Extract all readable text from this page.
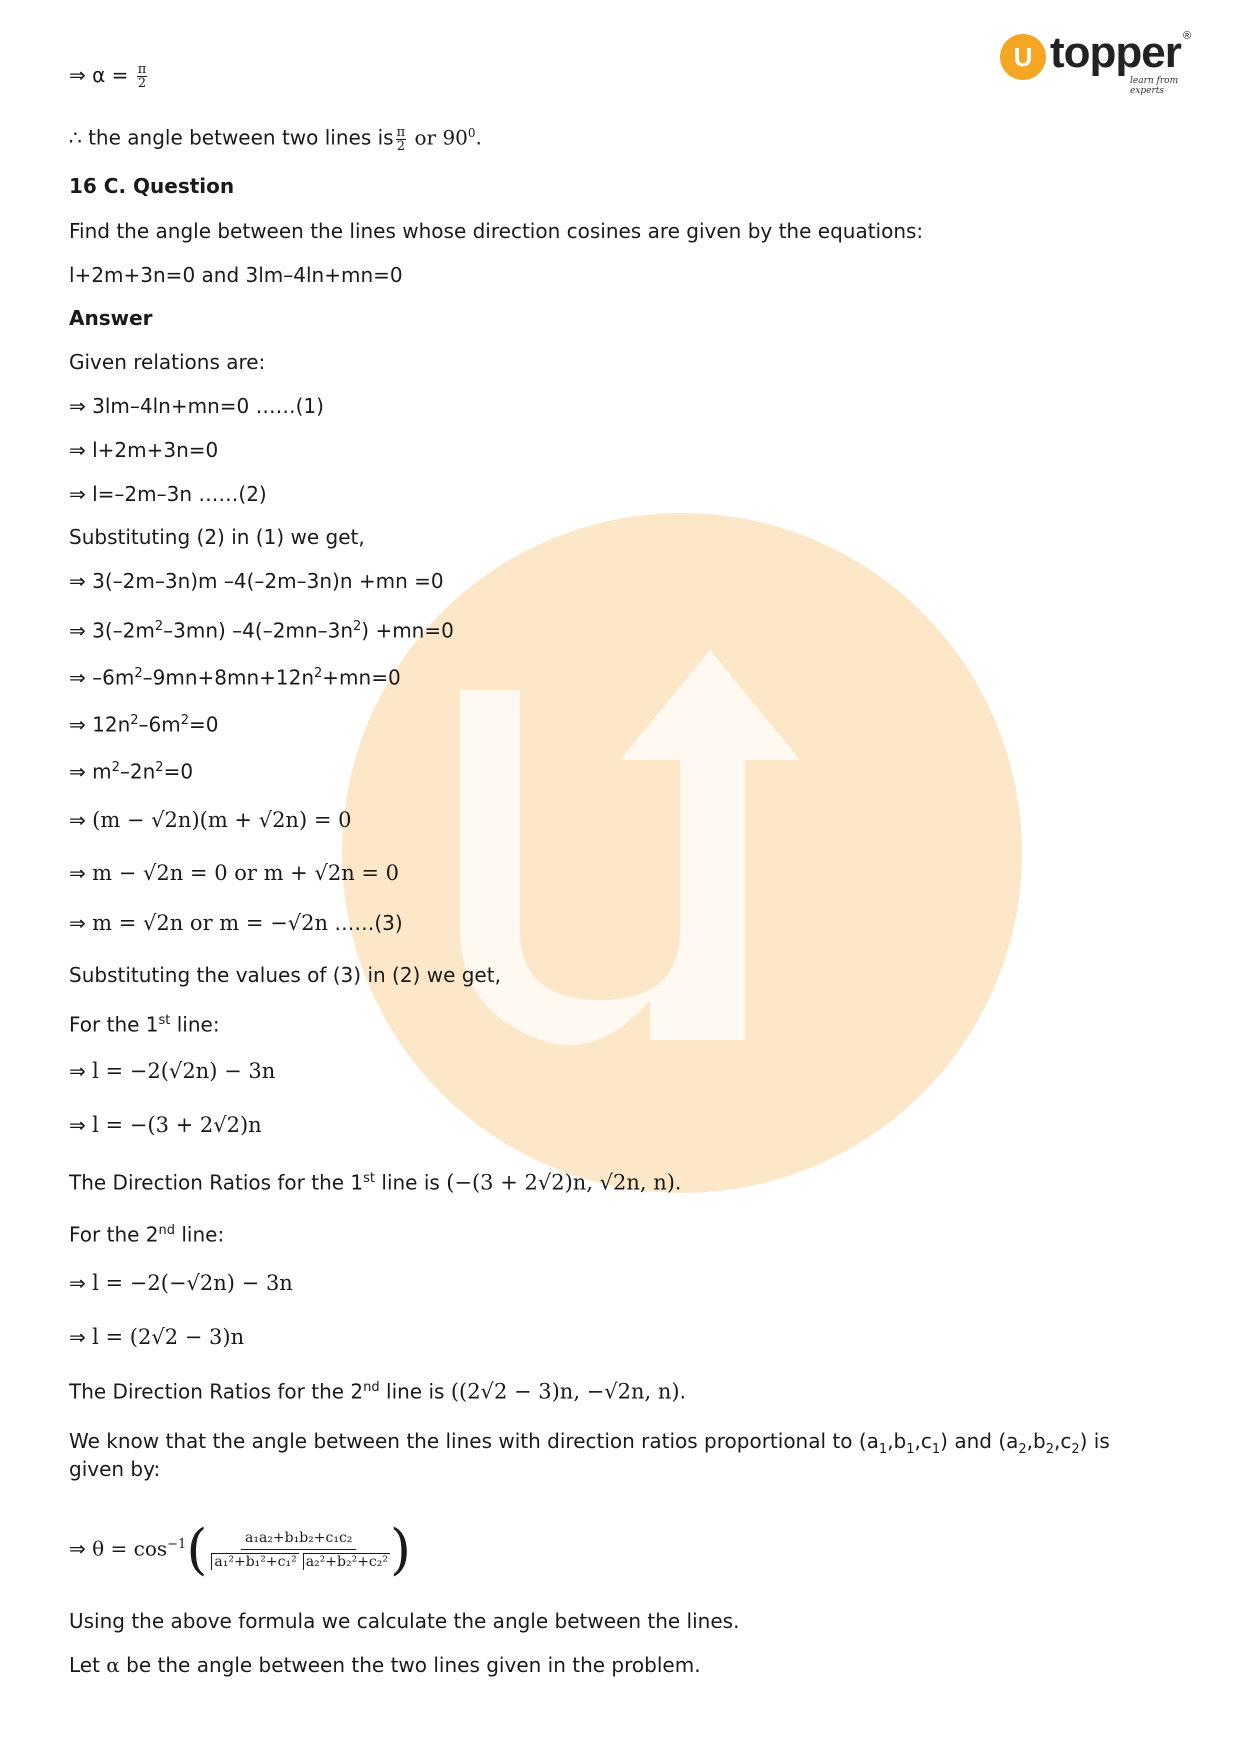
U topper ®
learn from experts
⇒ $\alpha = \frac{\pi}{2}$
∴ the angle between two lines is $\frac{\pi}{2}$ or $90^0$.
16 C. Question
Find the angle between the lines whose direction cosines are given by the equations:
l+2m+3n=0 and 3lm–4ln+mn=0
Answer
Given relations are:
⇒ 3lm–4ln+mn=0 ……(1)
⇒ l+2m+3n=0
⇒ l=–2m–3n ……(2)
Substituting (2) in (1) we get,
⇒ 3(–2m–3n)m –4(–2m–3n)n +mn =0
⇒ $3(-2m^2-3mn)$ $-4(-2mn-3n^2) +mn=0$
⇒ $-6m^2-9mn+8mn+12n^2+mn=0$
⇒ $12n^2-6m^2=0$
⇒ $m^2-2n^2=0$
⇒ (m − √2n)(m + √2n) = 0
⇒ m − √2n = 0 or m + √2n = 0
⇒ m = √2n or m = −√2n ……(3)
Substituting the values of (3) in (2) we get,
For the 1st line:
⇒ l = −2(√2n) − 3n
⇒ l = −(3 + 2√2)n
The Direction Ratios for the 1st line is (−(3 + 2√2)n, √2n, n).
For the 2nd line:
⇒ l = −2(−√2n) − 3n
⇒ l = (2√2 − 3)n
The Direction Ratios for the 2nd line is ((2√2 − 3)n, −√2n, n).
We know that the angle between the lines with direction ratios proportional to $(a_1,b_1,c_1)$ and $(a_2,b_2,c_2)$ is
given by:
⇒ $\theta = \cos^{-1}( \frac{\text{a₁a₂+b₁b₂+c₁c₂}}{\text{a₁²+b₁²+c₁² a₂²+b₂²+c₂²}}$ )
Using the above formula we calculate the angle between the lines.
Let α be the angle between the two lines given in the problem.
